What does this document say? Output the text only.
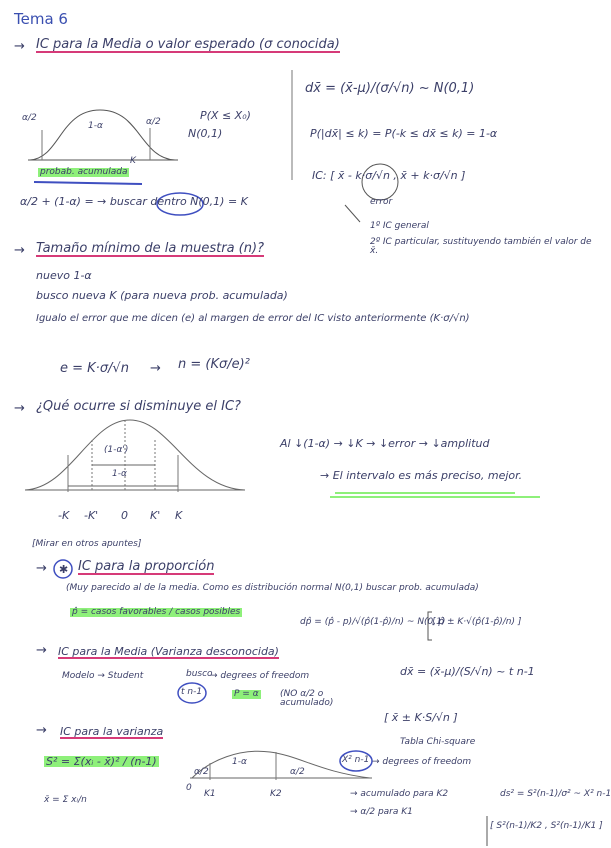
Tema 6
→ IC para la Media o valor esperado (σ conocida)
α/2
1-α	α/2	P(X ≤ X₀)
N(0,1)
K
probab. acumulada
α/2 + (1-α) = → buscar dentro N(0,1) = K
dx̄ = (x̄-μ)/(σ/√n) ~ N(0,1)
P(|dx̄| ≤ k) = P(-k ≤ dx̄ ≤ k) = 1-α
IC: [ x̄ - k·σ/√n , x̄ + k·σ/√n ]
error
1º IC general
2º IC particular, sustituyendo también el valor de x̄.
→ Tamaño mínimo de la muestra (n)?
nuevo 1-α
busco nueva K (para nueva prob. acumulada)
Igualo el error que me dicen (e) al margen de error del IC visto anteriormente (K·σ/√n)
e = K·σ/√n → n = (Kσ/e)²
→ ¿Qué ocurre si disminuye el IC?
(1-α')
1-α
-K -K' 0 K' K
Al ↓(1-α) → ↓K → ↓error → ↓amplitud
→ El intervalo es más preciso, mejor.
[Mirar en otros apuntes]
→ ✱ IC para la proporción
(Muy parecido al de la media. Como es distribución normal N(0,1) buscar prob. acumulada)
p̂ = casos favorables / casos posibles
dp̂ = (p̂ - p)/√(p̂(1-p̂)/n) ~ N(0,1)
[ p̂ ± K·√(p̂(1-p̂)/n) ]
→ IC para la Media (Varianza desconocida)
Modelo → Student	busco
t n-1
→ degrees of freedom
P = α (NO α/2 o acumulado)
dx̄ = (x̄-μ)/(S/√n) ~ t n-1
[ x̄ ± K·S/√n ]
→ IC para la varianza
S² = Σ(xᵢ - x̄)² / (n-1)
x̄ = Σ xᵢ/n
α/2
1-α
α/2
0
K1	K2
Tabla Chi-square
X² n-1 → degrees of freedom
→ acumulado para K2
→ α/2 para K1
ds² = S²(n-1)/σ² ~ X² n-1
[ S²(n-1)/K2 , S²(n-1)/K1 ]
